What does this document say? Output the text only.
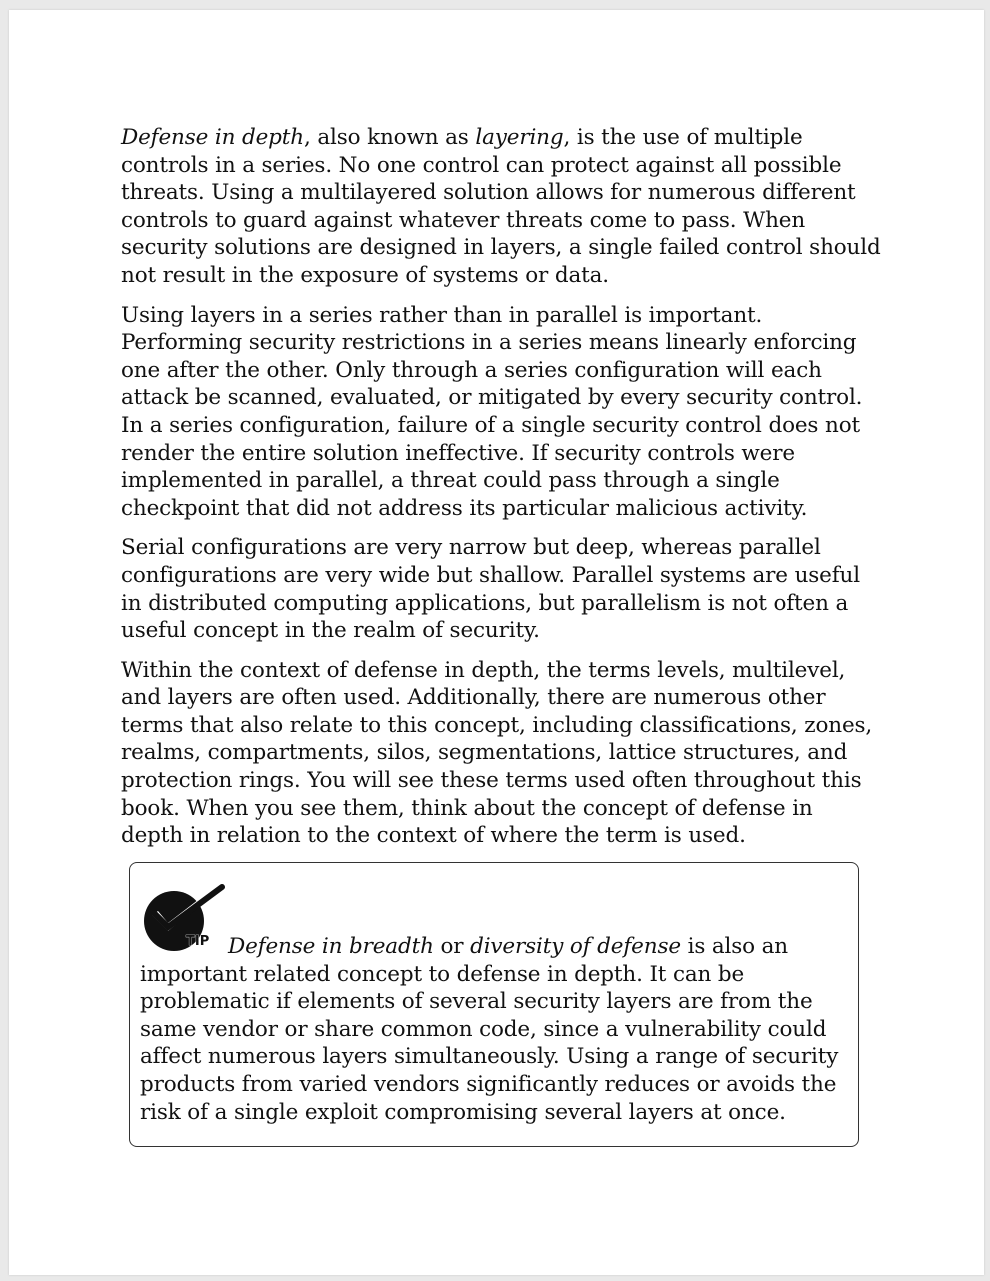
Defense in depth, also known as layering, is the use of multiple controls in a series. No one control can protect against all possible threats. Using a multilayered solution allows for numerous different controls to guard against whatever threats come to pass. When security solutions are designed in layers, a single failed control should not result in the exposure of systems or data.

Using layers in a series rather than in parallel is important. Performing security restrictions in a series means linearly enforcing one after the other. Only through a series configuration will each attack be scanned, evaluated, or mitigated by every security control. In a series configuration, failure of a single security control does not render the entire solution ineffective. If security controls were implemented in parallel, a threat could pass through a single checkpoint that did not address its particular malicious activity.

Serial configurations are very narrow but deep, whereas parallel configurations are very wide but shallow. Parallel systems are useful in distributed computing applications, but parallelism is not often a useful concept in the realm of security.

Within the context of defense in depth, the terms levels, multilevel, and layers are often used. Additionally, there are numerous other terms that also relate to this concept, including classifications, zones, realms, compartments, silos, segmentations, lattice structures, and protection rings. You will see these terms used often throughout this book. When you see them, think about the concept of defense in depth in relation to the context of where the term is used.

TIP Defense in breadth or diversity of defense is also an important related concept to defense in depth. It can be problematic if elements of several security layers are from the same vendor or share common code, since a vulnerability could affect numerous layers simultaneously. Using a range of security products from varied vendors significantly reduces or avoids the risk of a single exploit compromising several layers at once.
